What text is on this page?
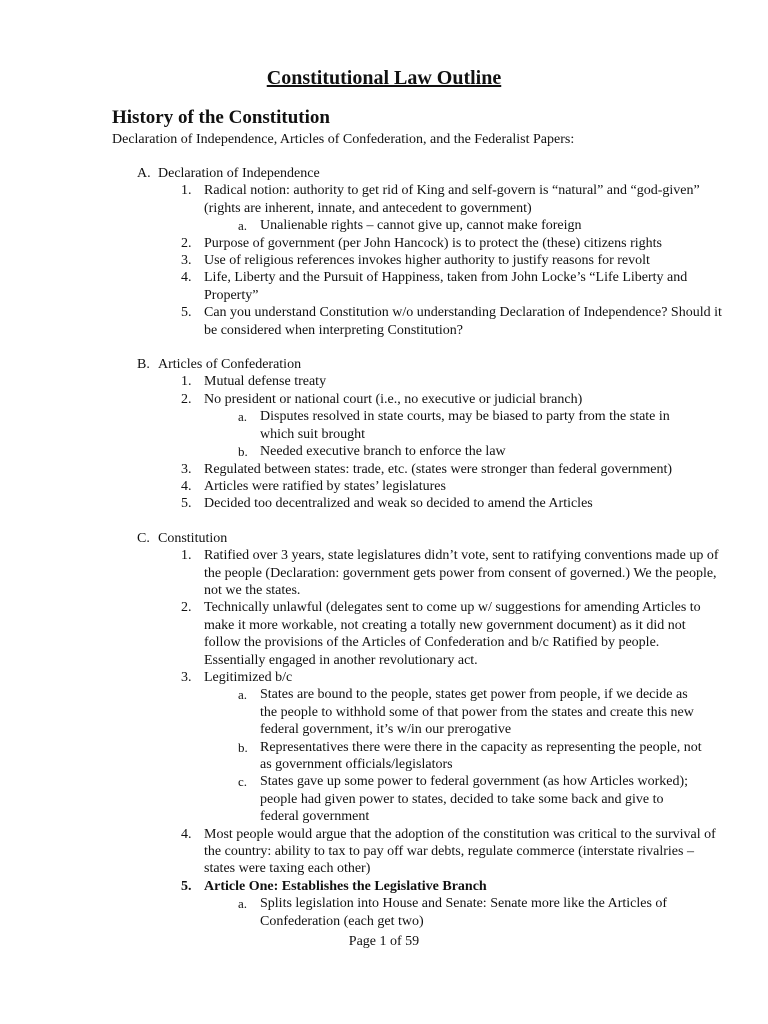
Constitutional Law Outline
History of the Constitution
Declaration of Independence, Articles of Confederation, and the Federalist Papers:
A. Declaration of Independence
1. Radical notion: authority to get rid of King and self-govern is “natural” and “god-given” (rights are inherent, innate, and antecedent to government)
a. Unalienable rights – cannot give up, cannot make foreign
2. Purpose of government (per John Hancock) is to protect the (these) citizens rights
3. Use of religious references invokes higher authority to justify reasons for revolt
4. Life, Liberty and the Pursuit of Happiness, taken from John Locke’s “Life Liberty and Property”
5. Can you understand Constitution w/o understanding Declaration of Independence? Should it be considered when interpreting Constitution?
B. Articles of Confederation
1. Mutual defense treaty
2. No president or national court (i.e., no executive or judicial branch)
a. Disputes resolved in state courts, may be biased to party from the state in which suit brought
b. Needed executive branch to enforce the law
3. Regulated between states: trade, etc. (states were stronger than federal government)
4. Articles were ratified by states’ legislatures
5. Decided too decentralized and weak so decided to amend the Articles
C. Constitution
1. Ratified over 3 years, state legislatures didn’t vote, sent to ratifying conventions made up of the people (Declaration: government gets power from consent of governed.) We the people, not we the states.
2. Technically unlawful (delegates sent to come up w/ suggestions for amending Articles to make it more workable, not creating a totally new government document) as it did not follow the provisions of the Articles of Confederation and b/c Ratified by people. Essentially engaged in another revolutionary act.
3. Legitimized b/c
a. States are bound to the people, states get power from people, if we decide as the people to withhold some of that power from the states and create this new federal government, it’s w/in our prerogative
b. Representatives there were there in the capacity as representing the people, not as government officials/legislators
c. States gave up some power to federal government (as how Articles worked); people had given power to states, decided to take some back and give to federal government
4. Most people would argue that the adoption of the constitution was critical to the survival of the country: ability to tax to pay off war debts, regulate commerce (interstate rivalries – states were taxing each other)
5. Article One: Establishes the Legislative Branch
a. Splits legislation into House and Senate: Senate more like the Articles of Confederation (each get two)
Page 1 of 59
